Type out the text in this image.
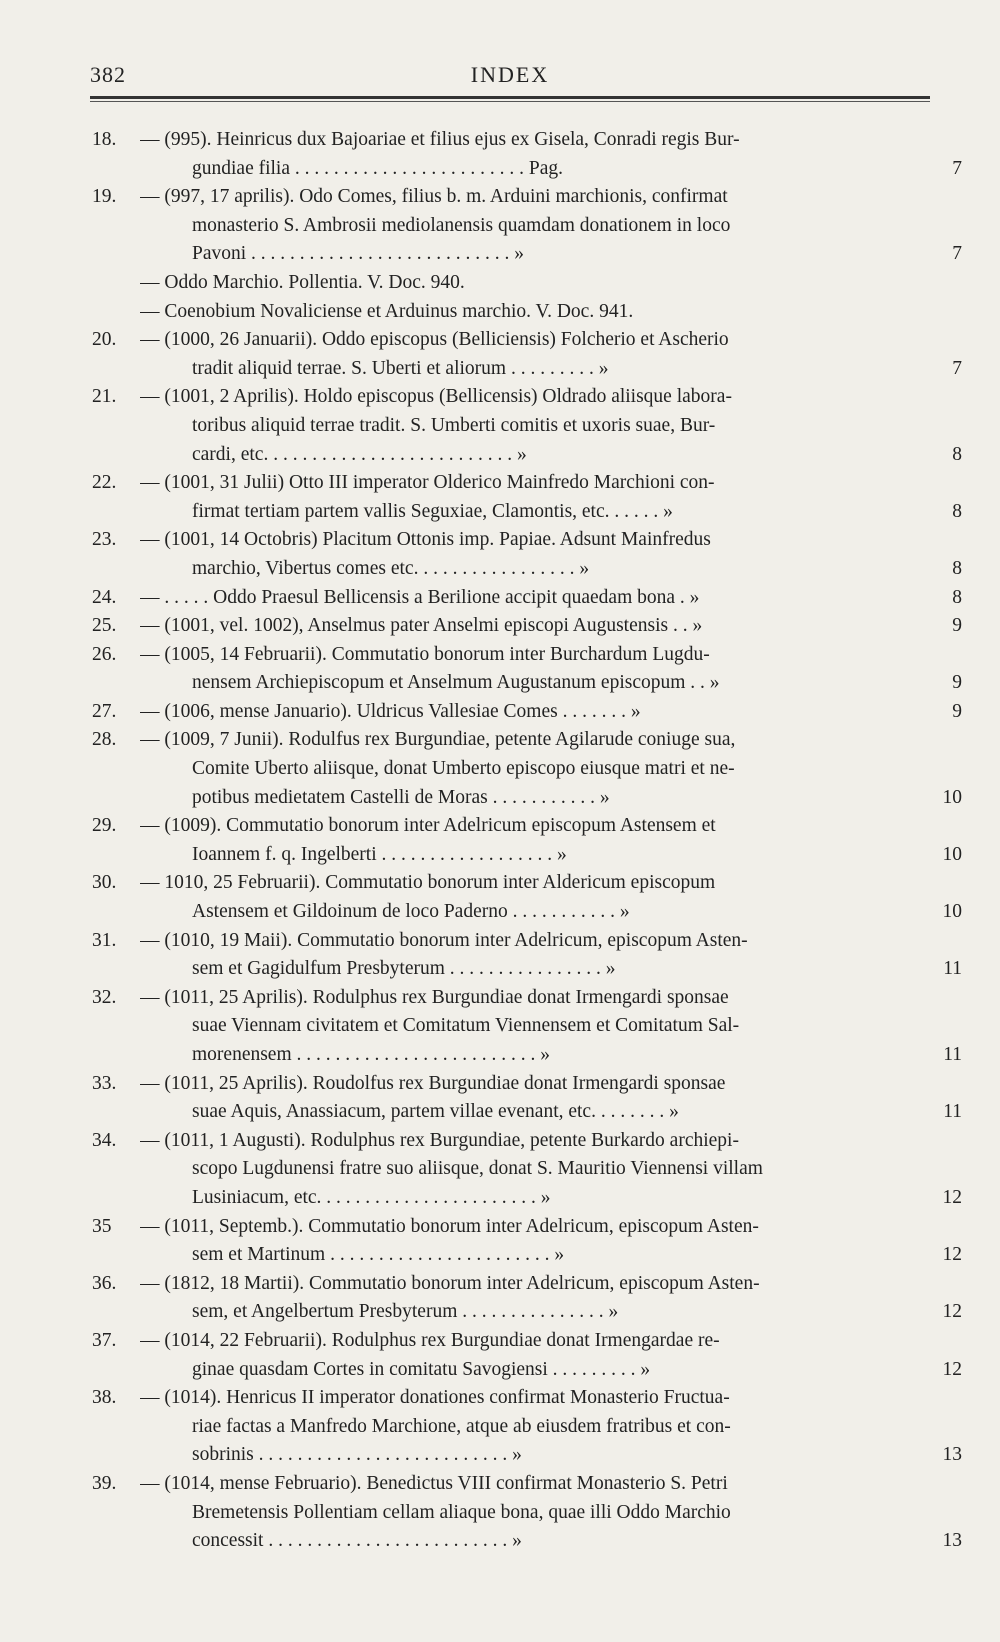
382	INDEX
18.	— (995). Heinricus dux Bajoariae et filius ejus ex Gisela, Conradi regis Bur-
gundiae filia . . . . . . . . . . . . . . . . . . . . . . . . Pag.	7
19.	— (997, 17 aprilis). Odo Comes, filius b. m. Arduini marchionis, confirmat
monasterio S. Ambrosii mediolanensis quamdam donationem in loco
Pavoni . . . . . . . . . . . . . . . . . . . . . . . . . . . »	7
— Oddo Marchio. Pollentia. V. Doc. 940.
— Coenobium Novaliciense et Arduinus marchio. V. Doc. 941.
20.	— (1000, 26 Januarii). Oddo episcopus (Belliciensis) Folcherio et Ascherio
tradit aliquid terrae. S. Uberti et aliorum . . . . . . . . . »	7
21.	— (1001, 2 Aprilis). Holdo episcopus (Bellicensis) Oldrado aliisque labora-
toribus aliquid terrae tradit. S. Umberti comitis et uxoris suae, Bur-
cardi, etc. . . . . . . . . . . . . . . . . . . . . . . . . . »	8
22.	— (1001, 31 Julii) Otto III imperator Olderico Mainfredo Marchioni con-
firmat tertiam partem vallis Seguxiae, Clamontis, etc. . . . . . »	8
23.	— (1001, 14 Octobris) Placitum Ottonis imp. Papiae. Adsunt Mainfredus
marchio, Vibertus comes etc. . . . . . . . . . . . . . . . . »	8
24.	— . . . . . Oddo Praesul Bellicensis a Berilione accipit quaedam bona . »	8
25.	— (1001, vel. 1002), Anselmus pater Anselmi episcopi Augustensis . . »	9
26.	— (1005, 14 Februarii). Commutatio bonorum inter Burchardum Lugdu-
nensem Archiepiscopum et Anselmum Augustanum episcopum . . »	9
27.	— (1006, mense Januario). Uldricus Vallesiae Comes . . . . . . . »	9
28.	— (1009, 7 Junii). Rodulfus rex Burgundiae, petente Agilarude coniuge sua,
Comite Uberto aliisque, donat Umberto episcopo eiusque matri et ne-
potibus medietatem Castelli de Moras . . . . . . . . . . . »	10
29.	— (1009). Commutatio bonorum inter Adelricum episcopum Astensem et
Ioannem f. q. Ingelberti . . . . . . . . . . . . . . . . . . »	10
30.	— 1010, 25 Februarii). Commutatio bonorum inter Aldericum episcopum
Astensem et Gildoinum de loco Paderno . . . . . . . . . . . »	10
31.	— (1010, 19 Maii). Commutatio bonorum inter Adelricum, episcopum Asten-
sem et Gagidulfum Presbyterum . . . . . . . . . . . . . . . . »	11
32.	— (1011, 25 Aprilis). Rodulphus rex Burgundiae donat Irmengardi sponsae
suae Viennam civitatem et Comitatum Viennensem et Comitatum Sal-
morenensem . . . . . . . . . . . . . . . . . . . . . . . . . »	11
33.	— (1011, 25 Aprilis). Roudolfus rex Burgundiae donat Irmengardi sponsae
suae Aquis, Anassiacum, partem villae evenant, etc. . . . . . . . »	11
34.	— (1011, 1 Augusti). Rodulphus rex Burgundiae, petente Burkardo archiepi-
scopo Lugdunensi fratre suo aliisque, donat S. Mauritio Viennensi villam
Lusiniacum, etc. . . . . . . . . . . . . . . . . . . . . . . »	12
35	— (1011, Septemb.). Commutatio bonorum inter Adelricum, episcopum Asten-
sem et Martinum . . . . . . . . . . . . . . . . . . . . . . . »	12
36.	— (1812, 18 Martii). Commutatio bonorum inter Adelricum, episcopum Asten-
sem, et Angelbertum Presbyterum . . . . . . . . . . . . . . . »	12
37.	— (1014, 22 Februarii). Rodulphus rex Burgundiae donat Irmengardae re-
ginae quasdam Cortes in comitatu Savogiensi . . . . . . . . . »	12
38.	— (1014). Henricus II imperator donationes confirmat Monasterio Fructua-
riae factas a Manfredo Marchione, atque ab eiusdem fratribus et con-
sobrinis . . . . . . . . . . . . . . . . . . . . . . . . . . »	13
39.	— (1014, mense Februario). Benedictus VIII confirmat Monasterio S. Petri
Bremetensis Pollentiam cellam aliaque bona, quae illi Oddo Marchio
concessit . . . . . . . . . . . . . . . . . . . . . . . . . »	13
